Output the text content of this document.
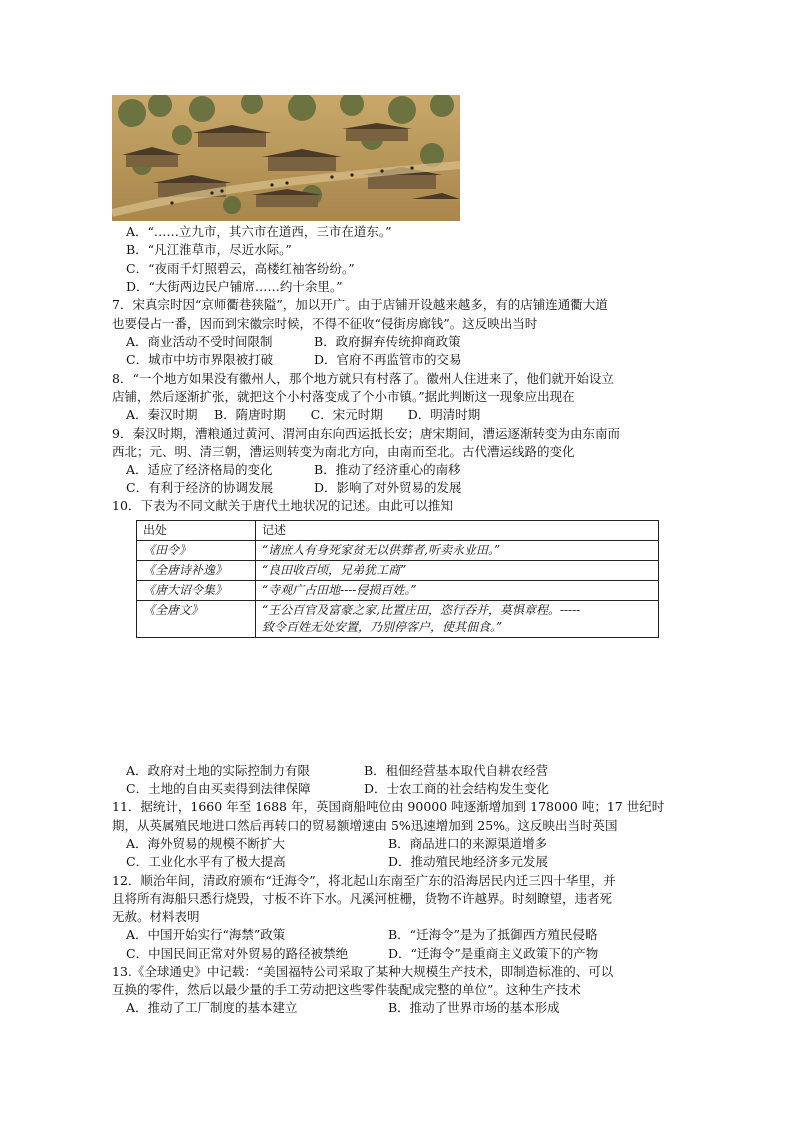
A．“……立九市，其六市在道西，三市在道东。”
B．“凡江淮草市，尽近水际。”
C．“夜雨千灯照碧云，高楼红袖客纷纷。”
D．“大街两边民户铺席……约十余里。”
7．宋真宗时因“京师衢巷狭隘”，加以开广。由于店铺开设越来越多，有的店铺连通衢大道
也要侵占一番，因而到宋徽宗时候，不得不征收“侵街房廊钱”。这反映出当时
A．商业活动不受时间限制	B．政府摒弃传统抑商政策
C．城市中坊市界限被打破	D．官府不再监管市的交易
8．“一个地方如果没有徽州人，那个地方就只有村落了。徽州人住进来了，他们就开始设立
店铺，然后逐渐扩张，就把这个小村落变成了个小市镇。”据此判断这一现象应出现在
A．秦汉时期　 B．隋唐时期　　C．宋元时期　　D．明清时期
9．秦汉时期，漕粮通过黄河、渭河由东向西运抵长安；唐宋期间，漕运逐渐转变为由东南而
西北；元、明、清三朝，漕运则转变为南北方向，由南而至北。古代漕运线路的变化
A．适应了经济格局的变化	B．推动了经济重心的南移
C．有利于经济的协调发展	D．影响了对外贸易的发展
10．下表为不同文献关于唐代土地状况的记述。由此可以推知
出处	记述
《田令》	“诸庶人有身死家贫无以供葬者,听卖永业田。”
《全唐诗补逸》	“良田收百顷，兄弟犹工商”
《唐大诏令集》	“寺观广占田地----侵损百姓。”
《全唐文》	“王公百官及富豪之家,比置庄田，恣行吞并，莫惧章程。-----
致令百姓无处安置，乃别停客户，使其佃食。”
A．政府对土地的实际控制力有限	B．租佃经营基本取代自耕农经营
C．土地的自由买卖得到法律保障	D．士农工商的社会结构发生变化
11．据统计，1660 年至 1688 年，英国商船吨位由 90000 吨逐渐增加到 178000 吨；17 世纪时
期，从英属殖民地进口然后再转口的贸易额增速由 5%迅速增加到 25%。这反映出当时英国
A．海外贸易的规模不断扩大	B．商品进口的来源渠道增多
C．工业化水平有了极大提高	D．推动殖民地经济多元发展
12．顺治年间，清政府颁布“迁海令”，将北起山东南至广东的沿海居民内迁三四十华里，并
且将所有海船只悉行烧毁，寸板不许下水。凡溪河桩栅，货物不许越界。时刻瞭望，违者死
无赦。材料表明
A．中国开始实行“海禁”政策	B．“迁海令”是为了抵御西方殖民侵略
C．中国民间正常对外贸易的路径被禁绝	D．“迁海令”是重商主义政策下的产物
13.《全球通史》中记载：“美国福特公司采取了某种大规模生产技术，即制造标准的、可以
互换的零件，然后以最少量的手工劳动把这些零件装配成完整的单位”。这种生产技术
A．推动了工厂制度的基本建立	B．推动了世界市场的基本形成
